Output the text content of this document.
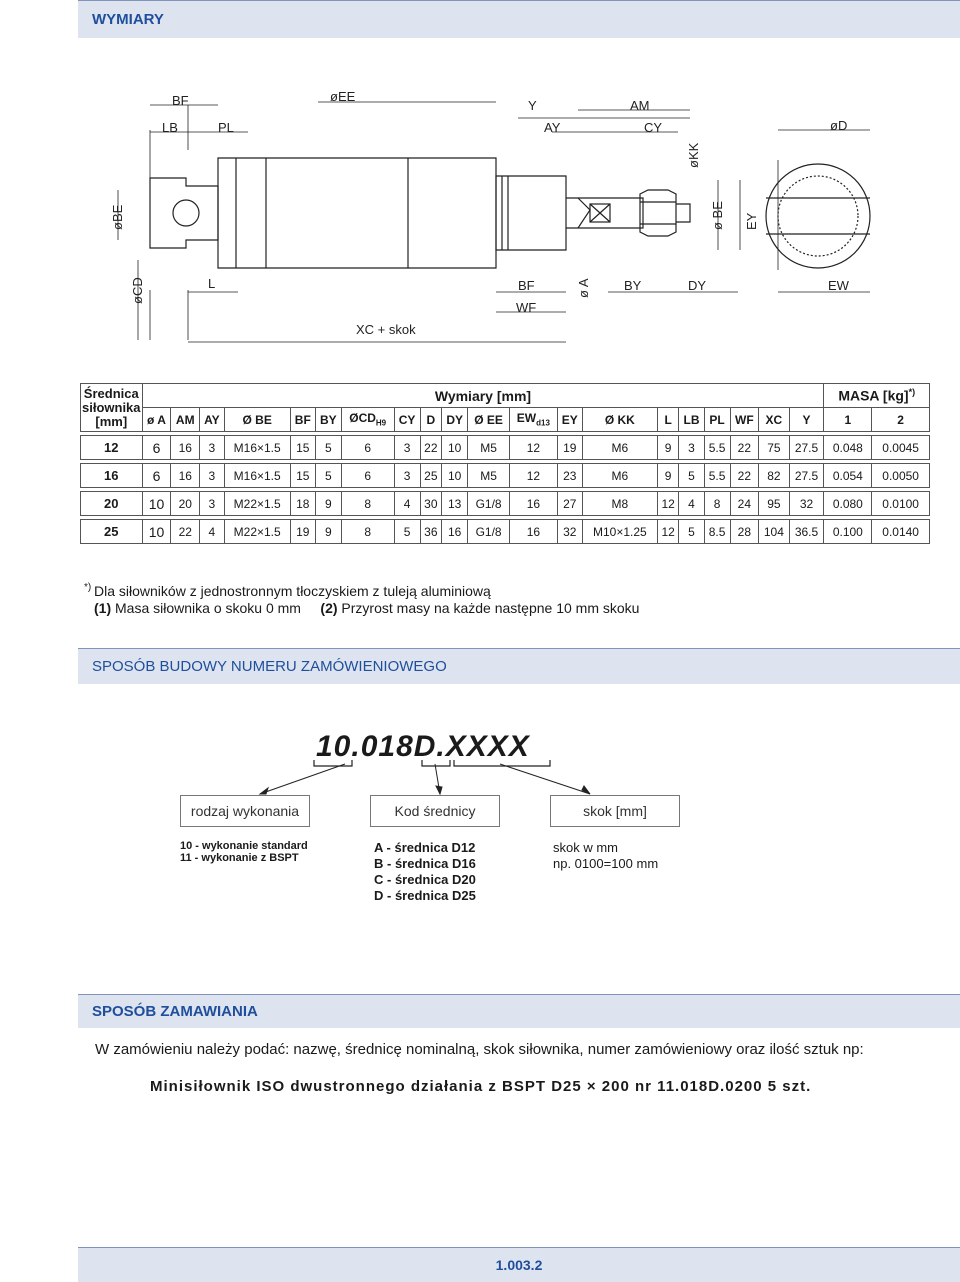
WYMIARY
BF
LB	PL
øEE
Y	AM
AY	CY
øKK
øD
øBE	ø BE EY
øCD	L	BF	ø A	BY	DY	EW
WF
XC + skok
Średnica
siłownika
[mm]	Wymiary [mm]																				MASA [kg]*)
	ø A	AM	AY	Ø BE	BF	BY	$ØCD_{H9}$	CY	D	DY	Ø EE	$EW_{d13}$	EY	Ø KK	L	LB	PL	WF	XC	Y	1	2

12	6	16	3	M16×1.5	15	5	6	3	22	10	M5	12	19	M6	9	3	5.5	22	75	27.5	0.048	0.0045

16	6	16	3	M16×1.5	15	5	6	3	25	10	M5	12	23	M6	9	5	5.5	22	82	27.5	0.054	0.0050

20	10	20	3	M22×1.5	18	9	8	4	30	13	G1/8	16	27	M8	12	4	8	24	95	32	0.080	0.0100

25	10	22	4	M22×1.5	19	9	8	5	36	16	G1/8	16	32	M10×1.25	12	5	8.5	28	104	36.5	0.100	0.0140
*) Dla siłowników z jednostronnym tłoczyskiem z tuleją aluminiową
(1) Masa siłownika o skoku 0 mm (2) Przyrost masy na każde następne 10 mm skoku
SPOSÓB BUDOWY NUMERU ZAMÓWIENIOWEGO
10.018D.XXXX
rodzaj wykonania	Kod średnicy	skok [mm]
10 - wykonanie standard
11 - wykonanie z BSPT
A - średnica D12
B - średnica D16
C - średnica D20
D - średnica D25
skok w mm
np. 0100=100 mm
SPOSÓB ZAMAWIANIA
W zamówieniu należy podać: nazwę, średnicę nominalną, skok siłownika, numer zamówieniowy oraz ilość sztuk np:
Minisiłownik ISO dwustronnego działania z BSPT D25 × 200 nr 11.018D.0200 5 szt.
1.003.2
